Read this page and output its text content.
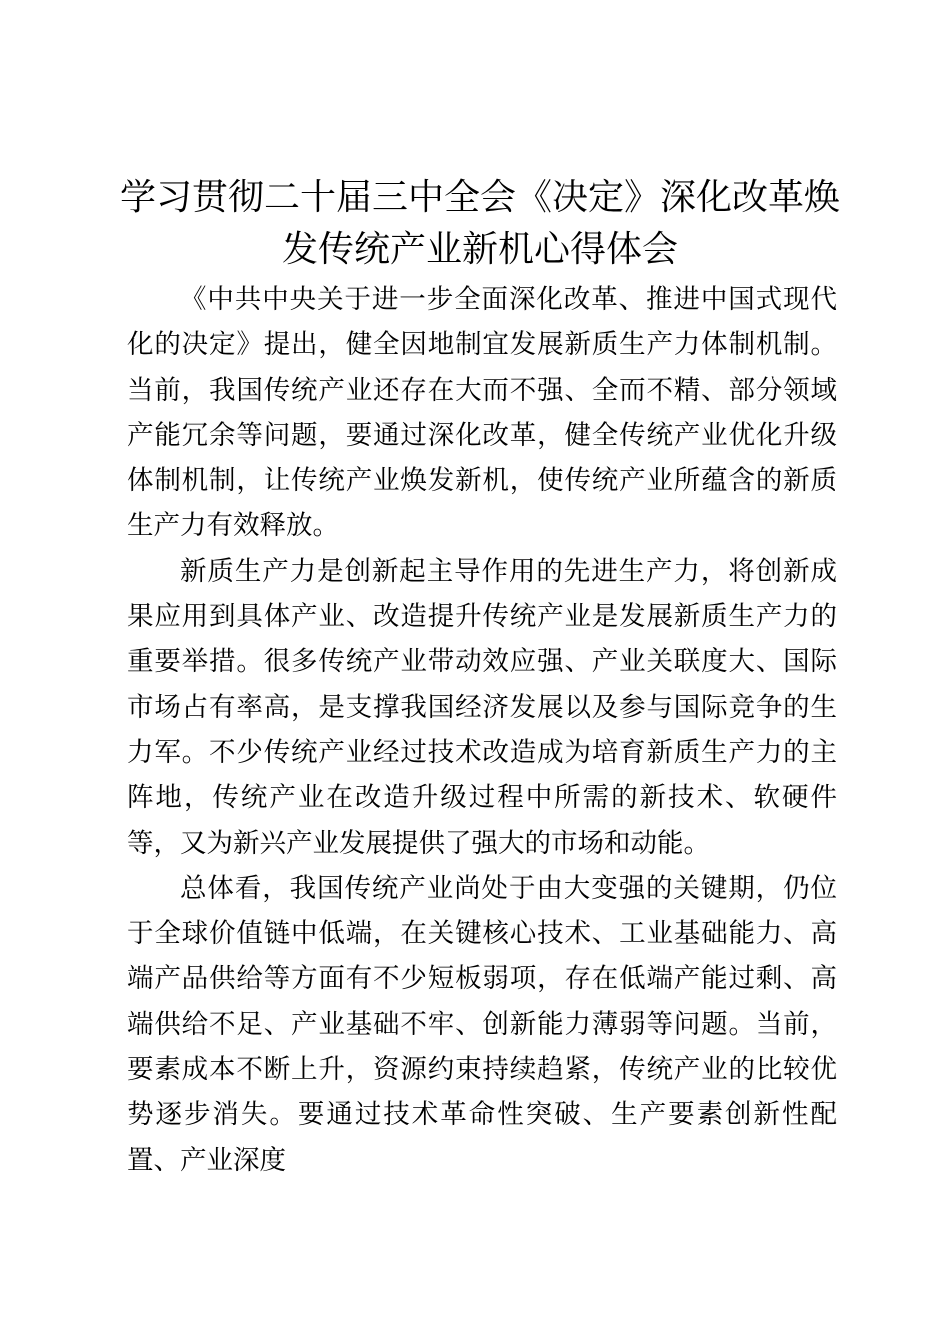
学习贯彻二十届三中全会《决定》深化改革焕
发传统产业新机心得体会

《中共中央关于进一步全面深化改革、推进中国式现代化的决定》提出，健全因地制宜发展新质生产力体制机制。当前，我国传统产业还存在大而不强、全而不精、部分领域产能冗余等问题，要通过深化改革，健全传统产业优化升级体制机制，让传统产业焕发新机，使传统产业所蕴含的新质生产力有效释放。

新质生产力是创新起主导作用的先进生产力，将创新成果应用到具体产业、改造提升传统产业是发展新质生产力的重要举措。很多传统产业带动效应强、产业关联度大、国际市场占有率高，是支撑我国经济发展以及参与国际竞争的生力军。不少传统产业经过技术改造成为培育新质生产力的主阵地，传统产业在改造升级过程中所需的新技术、软硬件等，又为新兴产业发展提供了强大的市场和动能。

总体看，我国传统产业尚处于由大变强的关键期，仍位于全球价值链中低端，在关键核心技术、工业基础能力、高端产品供给等方面有不少短板弱项，存在低端产能过剩、高端供给不足、产业基础不牢、创新能力薄弱等问题。当前，要素成本不断上升，资源约束持续趋紧，传统产业的比较优势逐步消失。要通过技术革命性突破、生产要素创新性配置、产业深度
